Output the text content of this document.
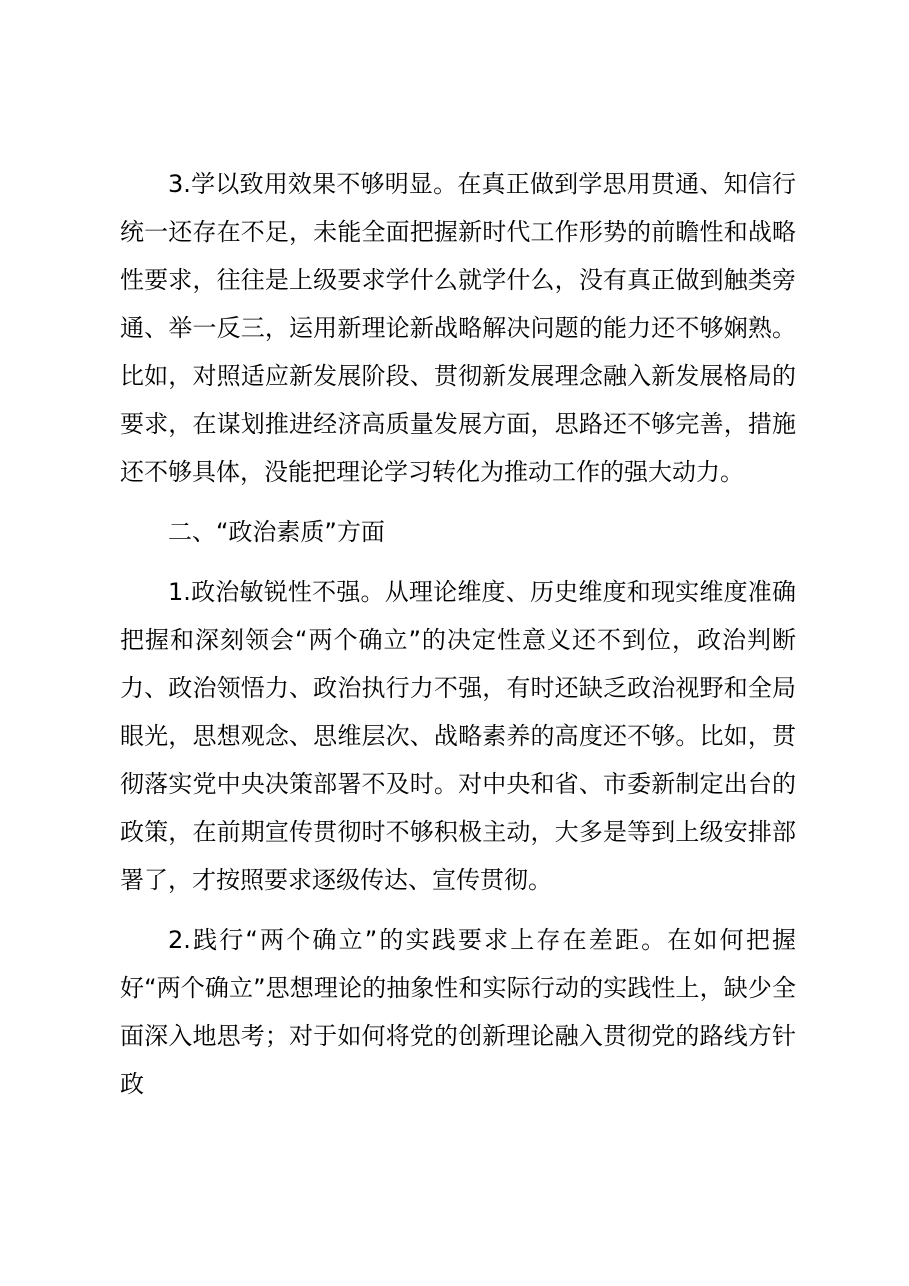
3.学以致用效果不够明显。在真正做到学思用贯通、知信行统一还存在不足，未能全面把握新时代工作形势的前瞻性和战略性要求，往往是上级要求学什么就学什么，没有真正做到触类旁通、举一反三，运用新理论新战略解决问题的能力还不够娴熟。比如，对照适应新发展阶段、贯彻新发展理念融入新发展格局的要求，在谋划推进经济高质量发展方面，思路还不够完善，措施还不够具体，没能把理论学习转化为推动工作的强大动力。

二、“政治素质”方面

1.政治敏锐性不强。从理论维度、历史维度和现实维度准确把握和深刻领会“两个确立”的决定性意义还不到位，政治判断力、政治领悟力、政治执行力不强，有时还缺乏政治视野和全局眼光，思想观念、思维层次、战略素养的高度还不够。比如，贯彻落实党中央决策部署不及时。对中央和省、市委新制定出台的政策，在前期宣传贯彻时不够积极主动，大多是等到上级安排部署了，才按照要求逐级传达、宣传贯彻。

2.践行“两个确立”的实践要求上存在差距。在如何把握好“两个确立”思想理论的抽象性和实际行动的实践性上，缺少全面深入地思考；对于如何将党的创新理论融入贯彻党的路线方针政
